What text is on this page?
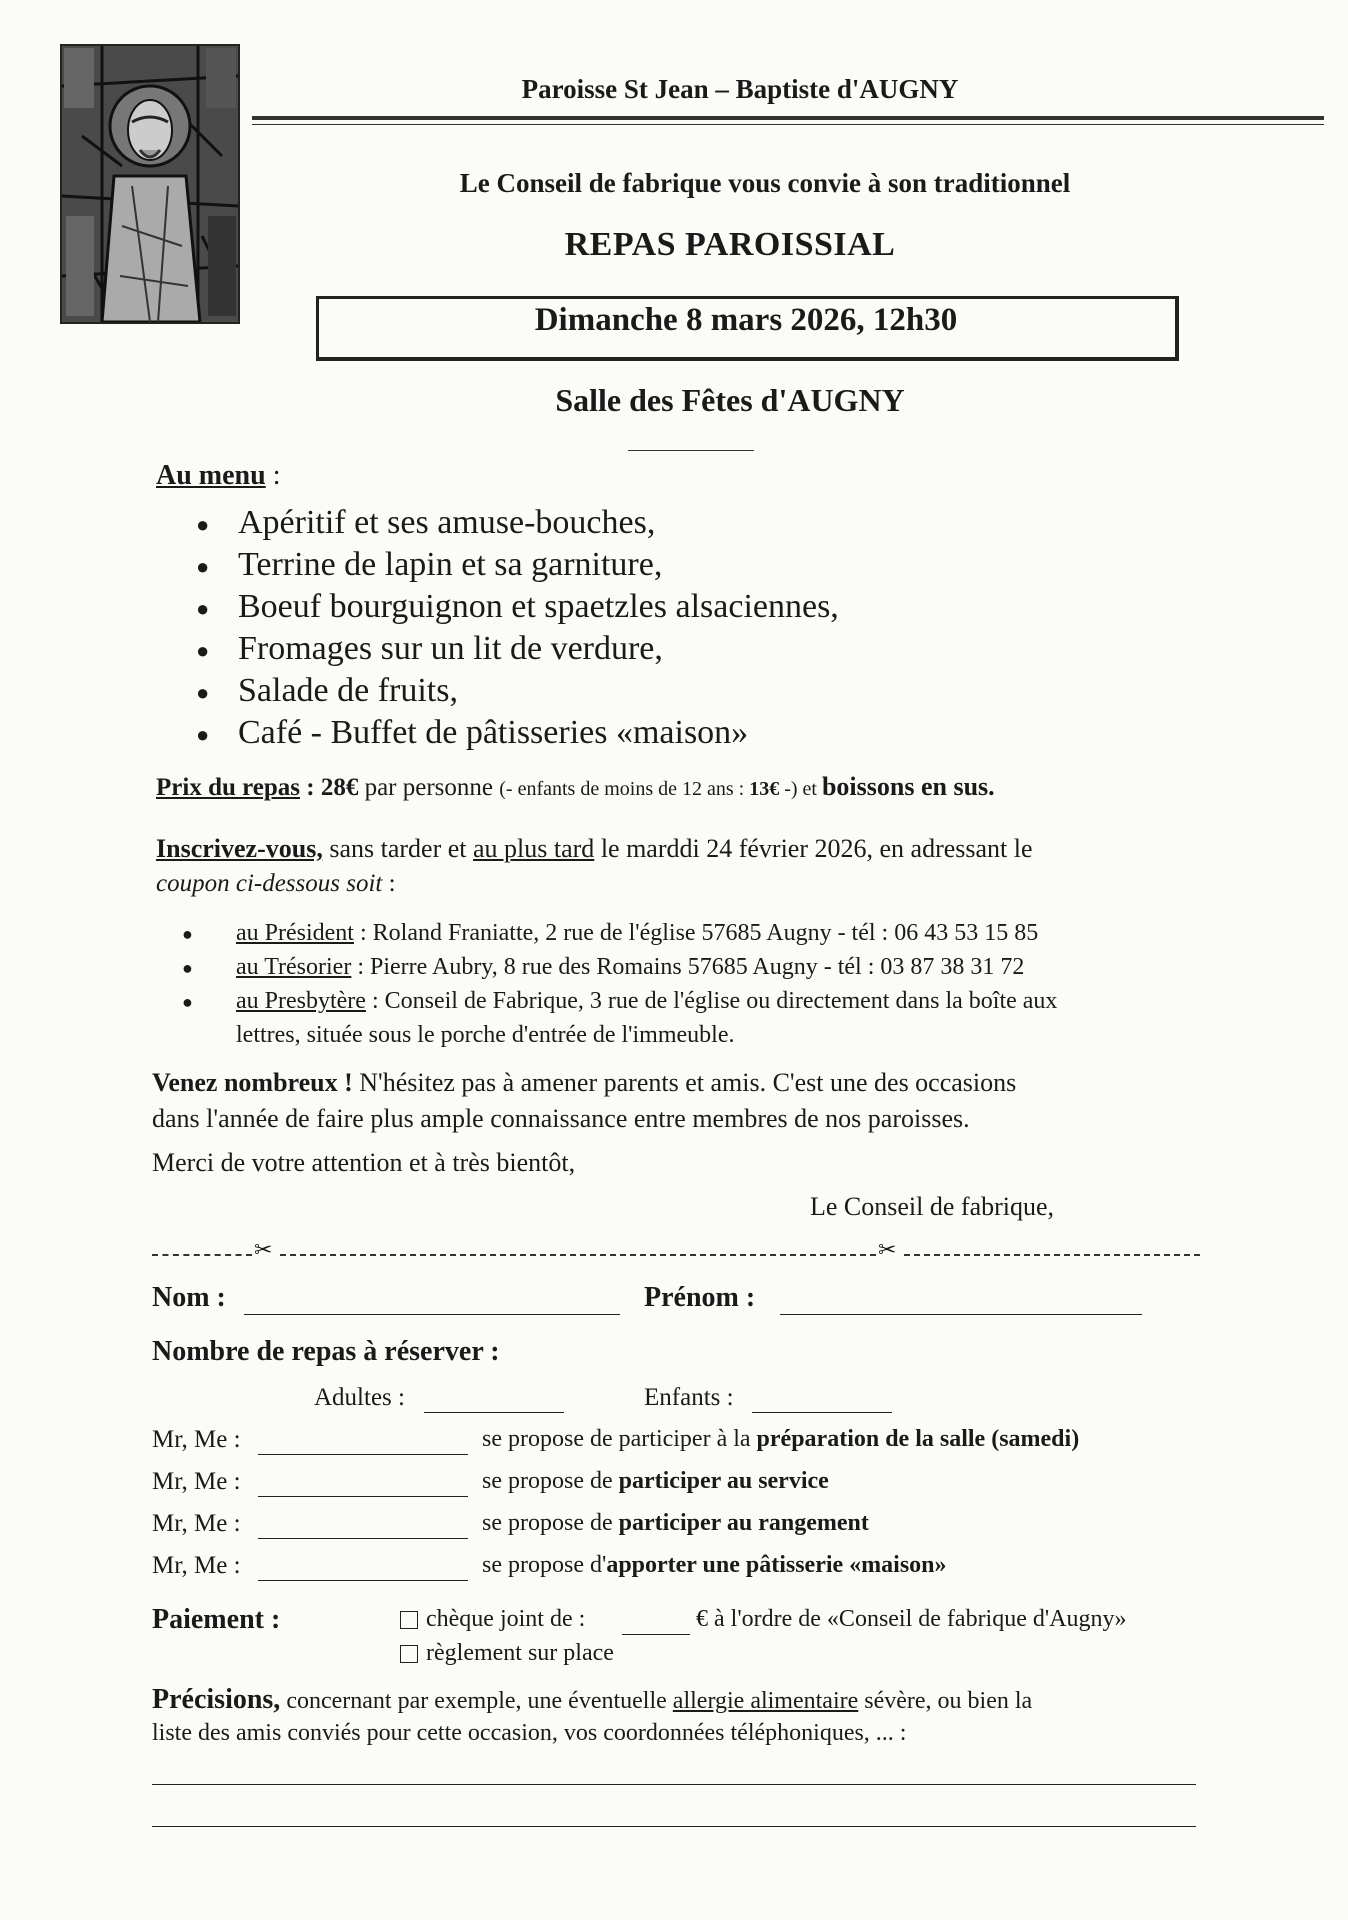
Paroisse St Jean – Baptiste d'AUGNY
Le Conseil de fabrique vous convie à son traditionnel
REPAS PAROISSIAL
Dimanche 8 mars 2026, 12h30
Salle des Fêtes d'AUGNY
Au menu :
● Apéritif et ses amuse-bouches,
● Terrine de lapin et sa garniture,
● Boeuf bourguignon et spaetzles alsaciennes,
● Fromages sur un lit de verdure,
● Salade de fruits,
● Café - Buffet de pâtisseries «maison»
Prix du repas : 28€ par personne (- enfants de moins de 12 ans : 13€ -) et boissons en sus.
Inscrivez-vous, sans tarder et au plus tard le marddi 24 février 2026, en adressant le
coupon ci-dessous soit :
● au Président : Roland Franiatte, 2 rue de l'église 57685 Augny - tél : 06 43 53 15 85
● au Trésorier : Pierre Aubry, 8 rue des Romains 57685 Augny - tél : 03 87 38 31 72
● au Presbytère : Conseil de Fabrique, 3 rue de l'église ou directement dans la boîte aux
lettres, située sous le porche d'entrée de l'immeuble.
Venez nombreux ! N'hésitez pas à amener parents et amis. C'est une des occasions
dans l'année de faire plus ample connaissance entre membres de nos paroisses.
Merci de votre attention et à très bientôt,
Le Conseil de fabrique,
✂	✂
Nom :	Prénom :
Nombre de repas à réserver :
Adultes :	Enfants :
Mr, Me :	se propose de participer à la préparation de la salle (samedi)
Mr, Me :	se propose de participer au service
Mr, Me :	se propose de participer au rangement
Mr, Me :	se propose d'apporter une pâtisserie «maison»
Paiement :	chèque joint de :	€ à l'ordre de «Conseil de fabrique d'Augny»
règlement sur place
Précisions, concernant par exemple, une éventuelle allergie alimentaire sévère, ou bien la
liste des amis conviés pour cette occasion, vos coordonnées téléphoniques, ... :
